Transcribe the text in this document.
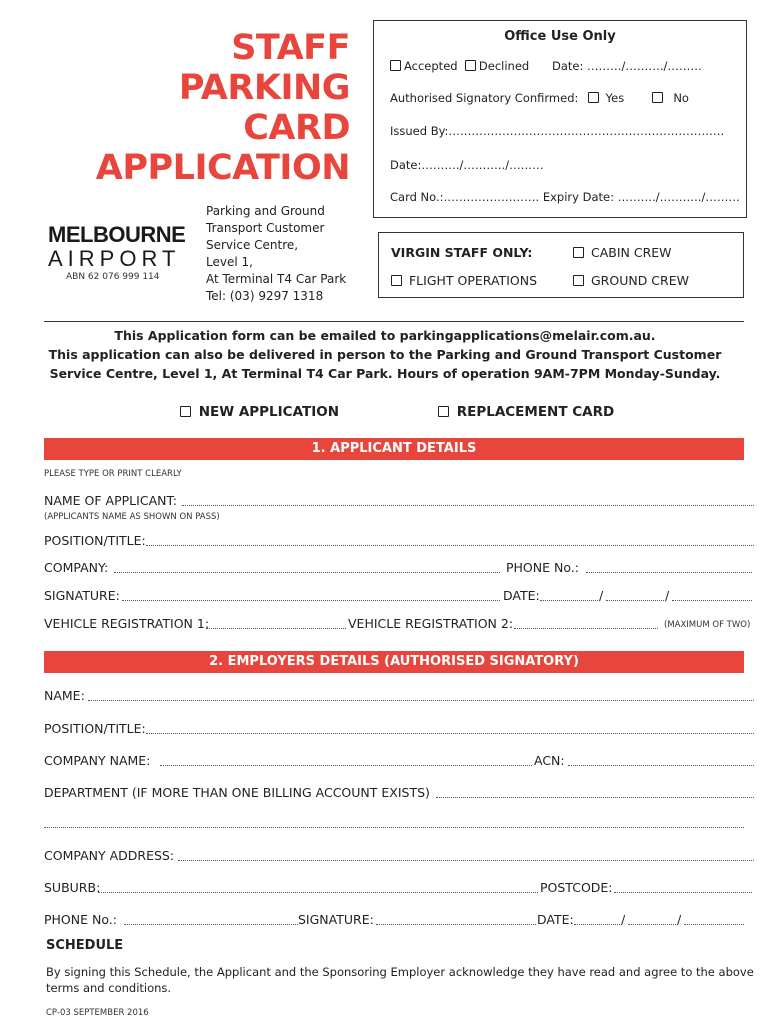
STAFF
PARKING
CARD
APPLICATION
MELBOURNE
AIRPORT
ABN 62 076 999 114
Parking and Ground
Transport Customer
Service Centre,
Level 1,
At Terminal T4 Car Park
Tel: (03) 9297 1318
Office Use Only
Accepted Declined Date: ………/………./………
Authorised Signatory Confirmed:	Yes	No
Issued By:………………………………………………………………
Date:………./………../………
Card No.:……………………. Expiry Date: ………./………../………
VIRGIN STAFF ONLY:	CABIN CREW
FLIGHT OPERATIONS	GROUND CREW
This Application form can be emailed to parkingapplications@melair.com.au.
This application can also be delivered in person to the Parking and Ground Transport Customer
Service Centre, Level 1, At Terminal T4 Car Park. Hours of operation 9AM-7PM Monday-Sunday.
NEW APPLICATION	REPLACEMENT CARD
1. APPLICANT DETAILS
PLEASE TYPE OR PRINT CLEARLY
NAME OF APPLICANT:
(APPLICANTS NAME AS SHOWN ON PASS)
POSITION/TITLE:
COMPANY:	PHONE No.:
SIGNATURE:	DATE:	/	/
VEHICLE REGISTRATION 1:	VEHICLE REGISTRATION 2:	(MAXIMUM OF TWO)
2. EMPLOYERS DETAILS (AUTHORISED SIGNATORY)
NAME:
POSITION/TITLE:
COMPANY NAME:	ACN:
DEPARTMENT (IF MORE THAN ONE BILLING ACCOUNT EXISTS)
COMPANY ADDRESS:
SUBURB:	POSTCODE:
PHONE No.:	SIGNATURE:	DATE:	/	/
SCHEDULE
By signing this Schedule, the Applicant and the Sponsoring Employer acknowledge they have read and agree to the above terms and conditions.
CP-03 SEPTEMBER 2016
